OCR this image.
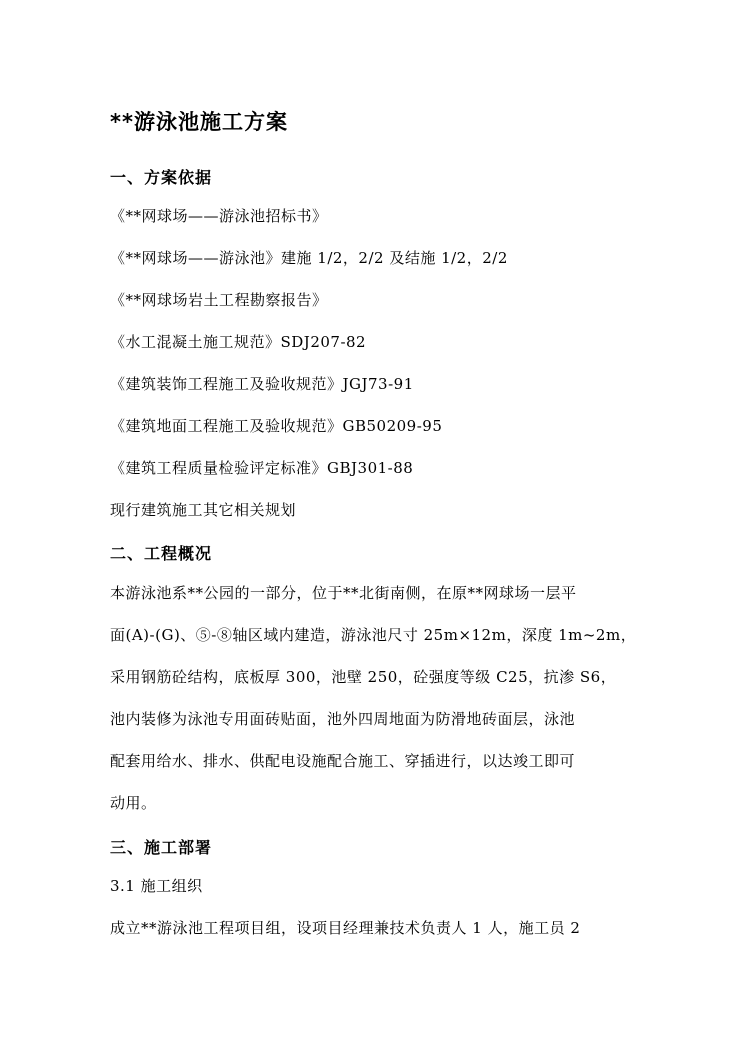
**游泳池施工方案
一、方案依据
《**网球场——游泳池招标书》
《**网球场——游泳池》建施 1/2，2/2 及结施 1/2，2/2
《**网球场岩土工程勘察报告》
《水工混凝土施工规范》SDJ207-82
《建筑装饰工程施工及验收规范》JGJ73-91
《建筑地面工程施工及验收规范》GB50209-95
《建筑工程质量检验评定标准》GBJ301-88
现行建筑施工其它相关规划
二、工程概况
本游泳池系**公园的一部分，位于**北街南侧，在原**网球场一层平
面(A)-(G)、⑤-⑧轴区域内建造，游泳池尺寸 25m×12m，深度 1m~2m，
采用钢筋砼结构，底板厚 300，池壁 250，砼强度等级 C25，抗渗 S6，
池内装修为泳池专用面砖贴面，池外四周地面为防滑地砖面层，泳池
配套用给水、排水、供配电设施配合施工、穿插进行，以达竣工即可
动用。
三、施工部署
3.1 施工组织
成立**游泳池工程项目组，设项目经理兼技术负责人 1 人，施工员 2
